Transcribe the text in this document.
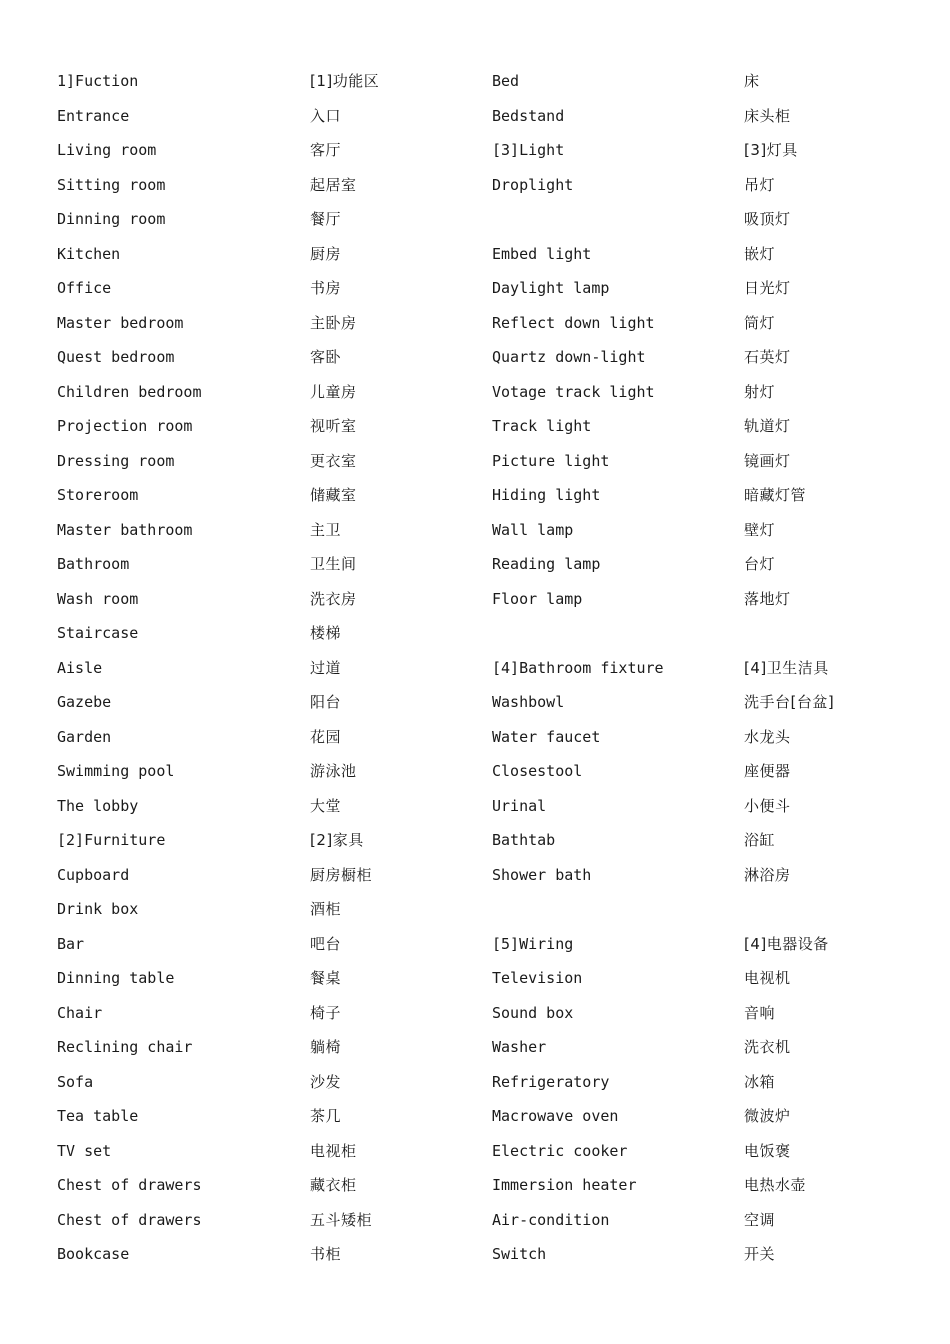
1]Fuction	[1]功能区	Bed	床
Entrance	入口	Bedstand	床头柜
Living room	客厅	[3]Light	[3]灯具
Sitting room	起居室	Droplight	吊灯
Dinning room	餐厅		吸顶灯
Kitchen	厨房	Embed light	嵌灯
Office	书房	Daylight lamp	日光灯
Master bedroom	主卧房	Reflect down light	筒灯
Quest bedroom	客卧	Quartz down-light	石英灯
Children bedroom	儿童房	Votage track light	射灯
Projection room	视听室	Track light	轨道灯
Dressing room	更衣室	Picture light	镜画灯
Storeroom	储藏室	Hiding light	暗藏灯管
Master bathroom	主卫	Wall lamp	壁灯
Bathroom	卫生间	Reading lamp	台灯
Wash room	洗衣房	Floor lamp	落地灯
Staircase	楼梯		
Aisle	过道	[4]Bathroom fixture	[4]卫生洁具
Gazebe	阳台	Washbowl	洗手台[台盆]
Garden	花园	Water faucet	水龙头
Swimming pool	游泳池	Closestool	座便器
The lobby	大堂	Urinal	小便斗
[2]Furniture	[2]家具	Bathtab	浴缸
Cupboard	厨房橱柜	Shower bath	淋浴房
Drink box	酒柜		
Bar	吧台	[5]Wiring	[4]电器设备
Dinning table	餐桌	Television	电视机
Chair	椅子	Sound box	音响
Reclining chair	躺椅	Washer	洗衣机
Sofa	沙发	Refrigeratory	冰箱
Tea table	茶几	Macrowave oven	微波炉
TV set	电视柜	Electric cooker	电饭褒
Chest of drawers	藏衣柜	Immersion heater	电热水壶
Chest of drawers	五斗矮柜	Air-condition	空调
Bookcase	书柜	Switch	开关
